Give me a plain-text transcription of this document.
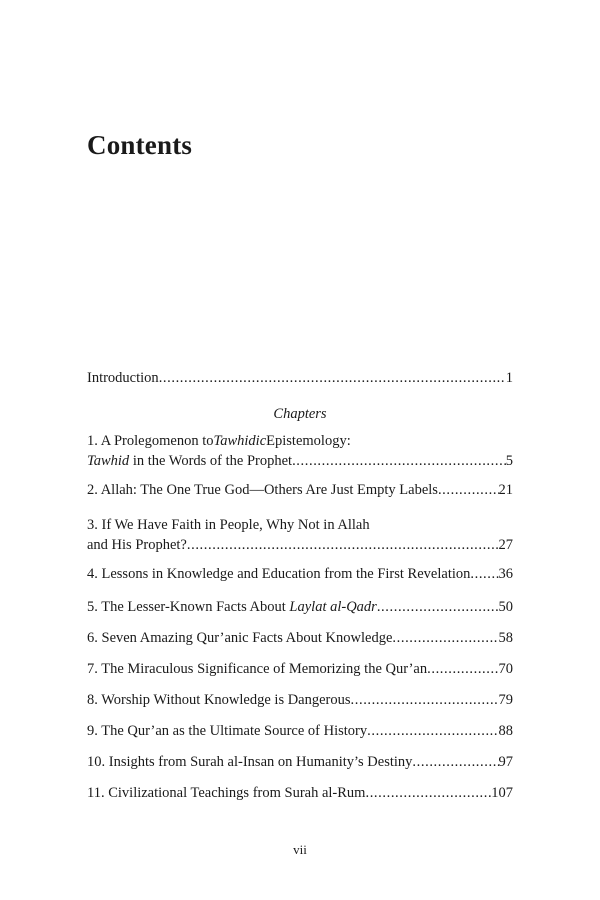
Contents
Introduction .....	1
Chapters
1. A Prolegomenon to Tawhidic Epistemology:
Tawhid in the Words of the Prophet .....	5
2. Allah: The One True God—Others Are Just Empty Labels .....	21
3. If We Have Faith in People, Why Not in Allah
and His Prophet? .....	27
4. Lessons in Knowledge and Education from the First Revelation ..... 36
5. The Lesser-Known Facts About Laylat al-Qadr .....	50
6. Seven Amazing Qur’anic Facts About Knowledge .....	58
7. The Miraculous Significance of Memorizing the Qur’an .....	70
8. Worship Without Knowledge is Dangerous .....	79
9. The Qur’an as the Ultimate Source of History .....	88
10. Insights from Surah al-Insan on Humanity’s Destiny .....	97
11. Civilizational Teachings from Surah al-Rum .....	107
vii
